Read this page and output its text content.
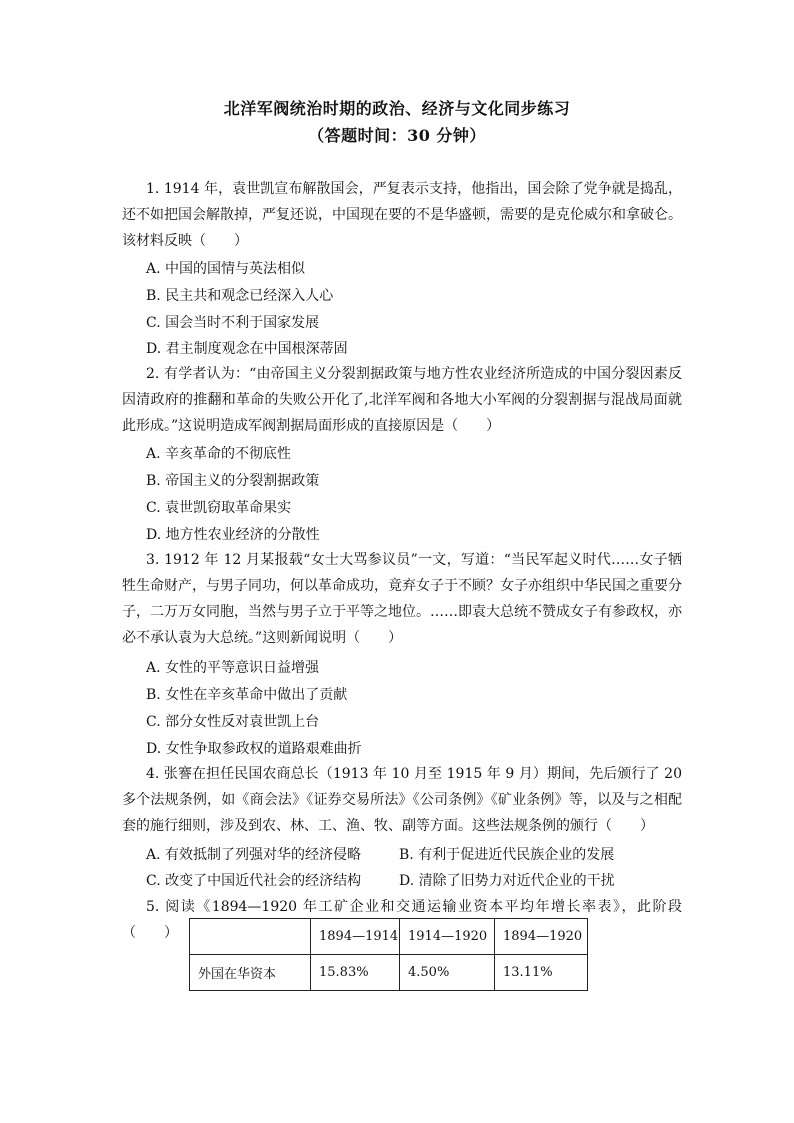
北洋军阀统治时期的政治、经济与文化同步练习
（答题时间：30 分钟）

1. 1914 年，袁世凯宣布解散国会，严复表示支持，他指出，国会除了党争就是捣乱，还不如把国会解散掉，严复还说，中国现在要的不是华盛顿，需要的是克伦威尔和拿破仑。该材料反映（　　）

A. 中国的国情与英法相似
B. 民主共和观念已经深入人心
C. 国会当时不利于国家发展
D. 君主制度观念在中国根深蒂固

2. 有学者认为：“由帝国主义分裂割据政策与地方性农业经济所造成的中国分裂因素反因清政府的推翻和革命的失败公开化了,北洋军阀和各地大小军阀的分裂割据与混战局面就此形成。”这说明造成军阀割据局面形成的直接原因是（　　）

A. 辛亥革命的不彻底性
B. 帝国主义的分裂割据政策
C. 袁世凯窃取革命果实
D. 地方性农业经济的分散性

3. 1912 年 12 月某报载“女士大骂参议员”一文，写道：“当民军起义时代……女子牺牲生命财产，与男子同功，何以革命成功，竟弃女子于不顾？女子亦组织中华民国之重要分子，二万万女同胞，当然与男子立于平等之地位。……即袁大总统不赞成女子有参政权，亦必不承认袁为大总统。”这则新闻说明（　　）

A. 女性的平等意识日益增强
B. 女性在辛亥革命中做出了贡献
C. 部分女性反对袁世凯上台
D. 女性争取参政权的道路艰难曲折

4. 张謇在担任民国农商总长（1913 年 10 月至 1915 年 9 月）期间，先后颁行了 20 多个法规条例，如《商会法》《证券交易所法》《公司条例》《矿业条例》等，以及与之相配套的施行细则，涉及到农、林、工、渔、牧、副等方面。这些法规条例的颁行（　　）

A. 有效抵制了列强对华的经济侵略	B. 有利于促进近代民族企业的发展
C. 改变了中国近代社会的经济结构	D. 清除了旧势力对近代企业的干扰

5. 阅读《1894—1920 年工矿企业和交通运输业资本平均年增长率表》，此阶段（　　）

		1894—1914	1914—1920	1894—1920
外国在华资本	15.83%	4.50%	13.11%
